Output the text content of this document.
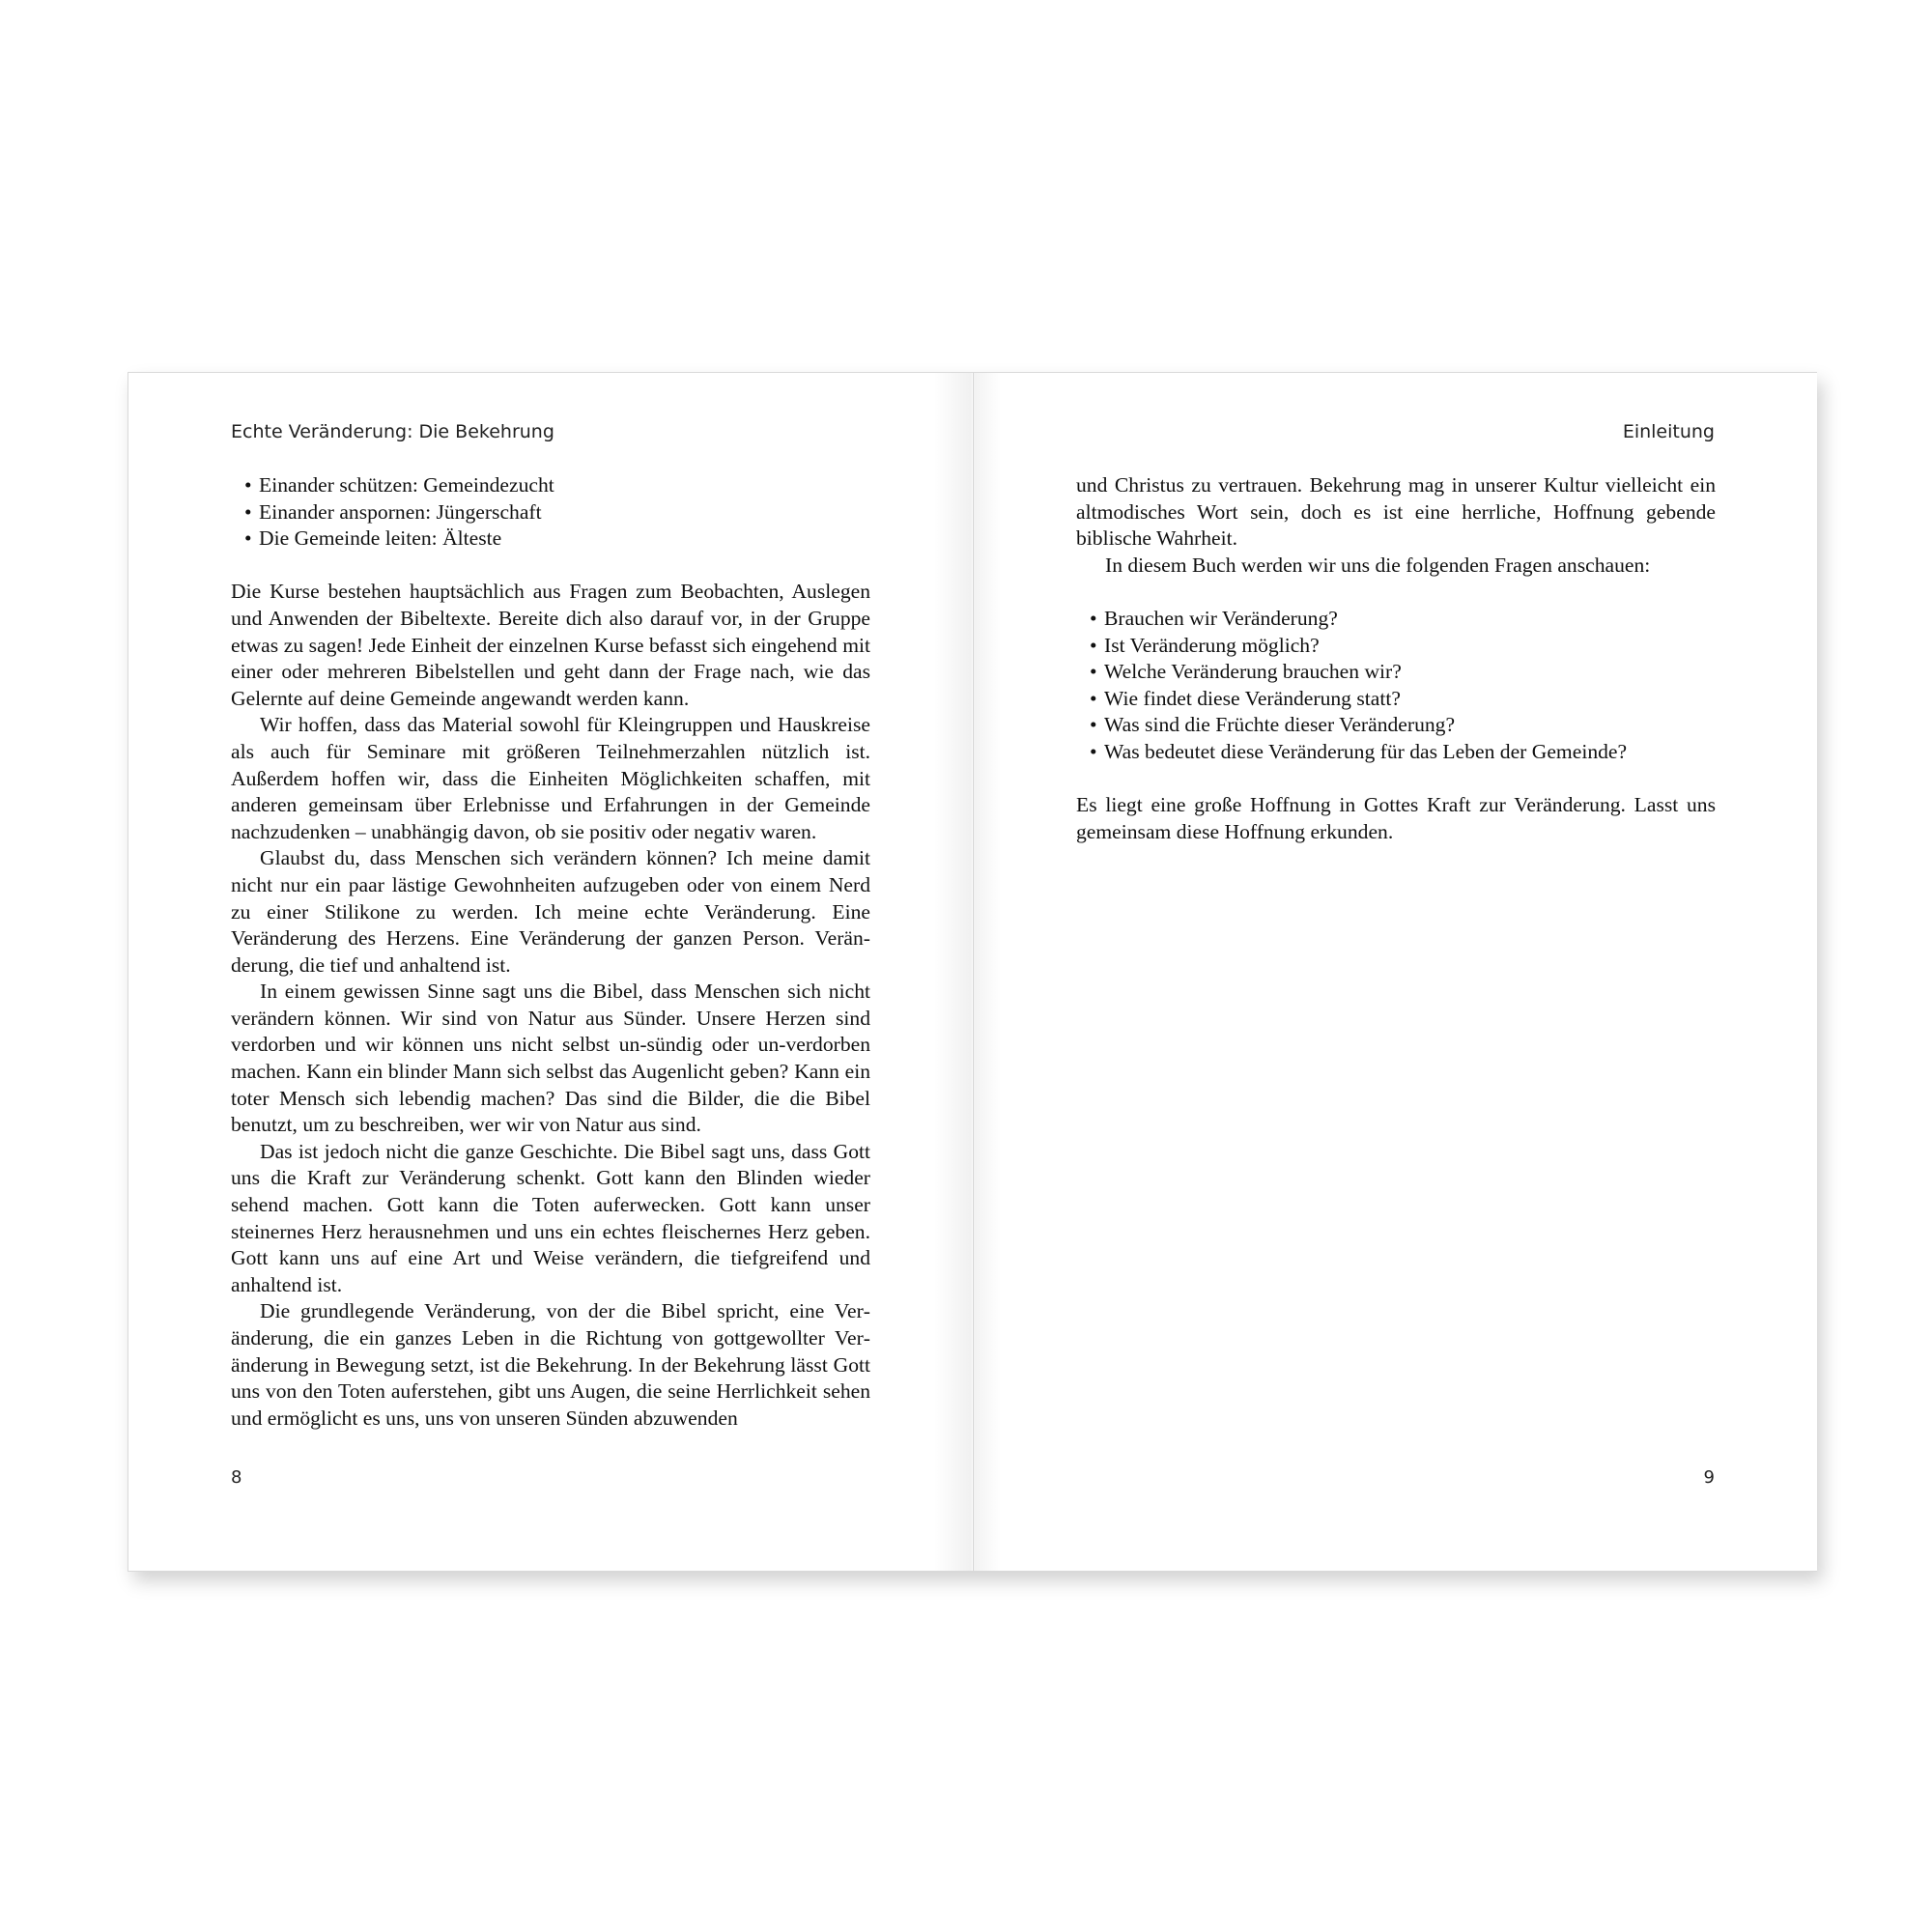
Echte Veränderung: Die Bekehrung
• Einander schützen: Gemeindezucht
• Einander anspornen: Jüngerschaft
• Die Gemeinde leiten: Älteste

Die Kurse bestehen hauptsächlich aus Fragen zum Beobachten, Auslegen und Anwenden der Bibeltexte. Bereite dich also darauf vor, in der Gruppe etwas zu sagen! Jede Einheit der einzelnen Kurse befasst sich eingehend mit einer oder mehreren Bibelstellen und geht dann der Frage nach, wie das Gelernte auf deine Gemeinde angewandt werden kann.

Wir hoffen, dass das Material sowohl für Kleingruppen und Hauskreise als auch für Seminare mit größeren Teilnehmerzahlen nützlich ist. Außerdem hoffen wir, dass die Einheiten Möglichkeiten schaffen, mit anderen gemeinsam über Erlebnisse und Erfahrungen in der Gemeinde nachzudenken – unabhängig davon, ob sie positiv oder negativ waren.

Glaubst du, dass Menschen sich verändern können? Ich meine damit nicht nur ein paar lästige Gewohnheiten aufzugeben oder von einem Nerd zu einer Stilikone zu werden. Ich meine echte Veränderung. Eine Veränderung des Herzens. Eine Veränderung der ganzen Person. Veränderung, die tief und anhaltend ist.

In einem gewissen Sinne sagt uns die Bibel, dass Menschen sich nicht verändern können. Wir sind von Natur aus Sünder. Unsere Herzen sind verdorben und wir können uns nicht selbst un-sündig oder un-verdorben machen. Kann ein blinder Mann sich selbst das Augenlicht geben? Kann ein toter Mensch sich lebendig machen? Das sind die Bilder, die die Bibel benutzt, um zu beschreiben, wer wir von Natur aus sind.

Das ist jedoch nicht die ganze Geschichte. Die Bibel sagt uns, dass Gott uns die Kraft zur Veränderung schenkt. Gott kann den Blinden wieder sehend machen. Gott kann die Toten auferwecken. Gott kann unser steinernes Herz herausnehmen und uns ein echtes fleischernes Herz geben. Gott kann uns auf eine Art und Weise verändern, die tiefgreifend und anhaltend ist.

Die grundlegende Veränderung, von der die Bibel spricht, eine Veränderung, die ein ganzes Leben in die Richtung von gottgewollter Veränderung in Bewegung setzt, ist die Bekehrung. In der Bekehrung lässt Gott uns von den Toten auferstehen, gibt uns Augen, die seine Herrlichkeit sehen und ermöglicht es uns, uns von unseren Sünden abzuwenden

8
Einleitung

und Christus zu vertrauen. Bekehrung mag in unserer Kultur vielleicht ein altmodisches Wort sein, doch es ist eine herrliche, Hoffnung gebende biblische Wahrheit.

In diesem Buch werden wir uns die folgenden Fragen anschauen:

• Brauchen wir Veränderung?
• Ist Veränderung möglich?
• Welche Veränderung brauchen wir?
• Wie findet diese Veränderung statt?
• Was sind die Früchte dieser Veränderung?
• Was bedeutet diese Veränderung für das Leben der Gemeinde?

Es liegt eine große Hoffnung in Gottes Kraft zur Veränderung. Lasst uns gemeinsam diese Hoffnung erkunden.

9
